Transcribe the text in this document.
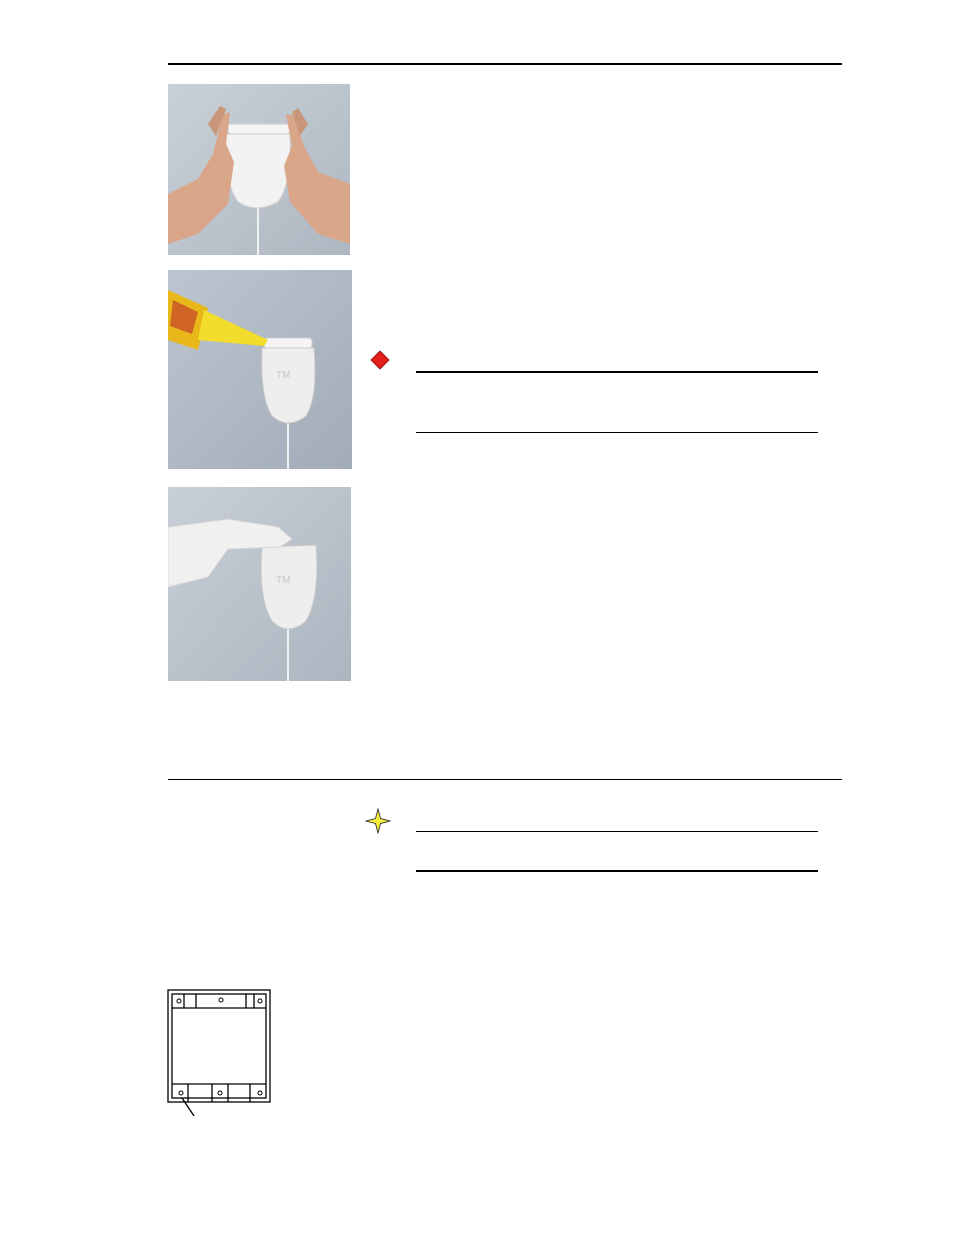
TM
TM
